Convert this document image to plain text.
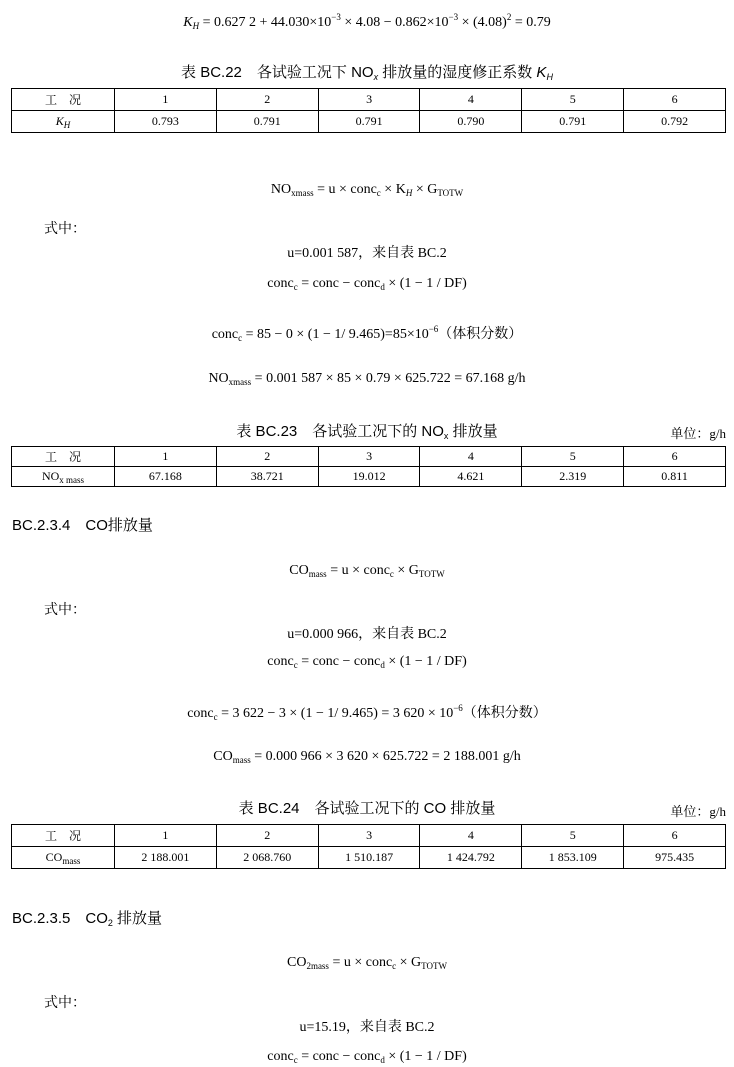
$K_H = 0.627$ $2 + 44.030\times 10^{-3} \times 4.08 - 0.862\times 10^{-3} \times (4.08)^2 = 0.79$
表 BC.22　各试验工况下 $NO_x$ 排放量的湿度修正系数 $K_H$
工　况	1	2	3	4	5	6
$K_H$	0.793	0.791	0.791	0.790	0.791	0.792
$NO_{xmass} = u$ × conc$_c$ × $K_H \times G_{TOTW}$
式中：
u=0.001 587，来自表 BC.2
conc$_c$ = conc − conc$_d$ × (1 − 1 / DF)
conc$_c$ = 85 − 0 × (1 − 1/ $9.465)=85\times 10^{-6}$（体积分数）
$NO_{xmass} = 0.001$ 587 × 85 × 0.79 × 625.722 = 67.168 g/h
表 BC.23　各试验工况下的 $NO_x$ 排放量	单位：g/h
工　况	1	2	3	4	5	6
$NO_{x mass}$	67.168	38.721	19.012	4.621	2.319	0.811
BC.2.3.4　CO排放量
$CO_{mass} = u$ × conc$_c$ × $G_{TOTW}$
式中：
u=0.000 966，来自表 BC.2
conc$_c$ = conc − conc$_d$ × (1 − 1 / DF)
conc$_c$ = 3 622 − 3 × (1 − 1/ 9.465) = 3 $620 \times 10^{-6}$（体积分数）
$CO_{mass} = 0.000$ 966 × 3 620 × 625.722 = 2 188.001 g/h
表 BC.24　各试验工况下的 CO 排放量	单位：g/h
工　况	1	2	3	4	5	6
$CO_{mass}$	2 188.001	2 068.760	1 510.187	1 424.792	1 853.109	975.435
BC.2.3.5　$CO_2$ 排放量
$CO_{2mass} = u$ × conc$_c$ × $G_{TOTW}$
式中：
u=15.19，来自表 BC.2
conc$_c$ = conc − conc$_d$ × (1 − 1 / DF)
